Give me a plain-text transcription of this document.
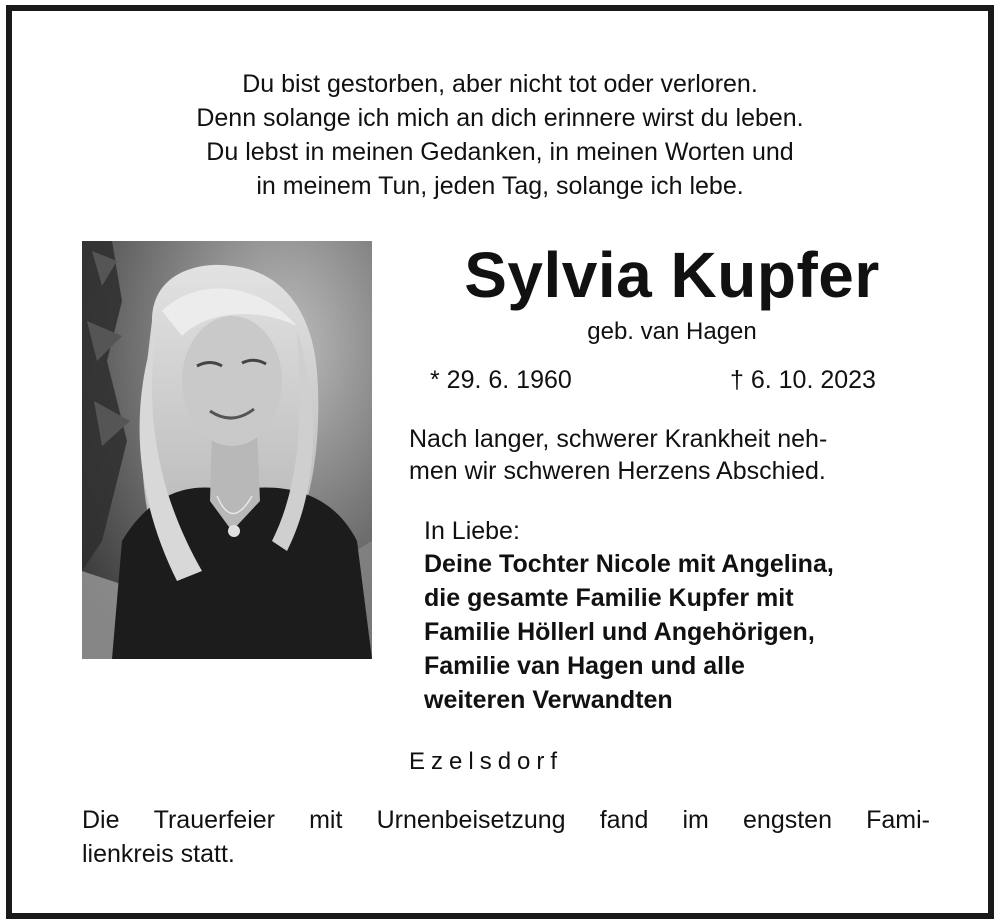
Du bist gestorben, aber nicht tot oder verloren.
Denn solange ich mich an dich erinnere wirst du leben.
Du lebst in meinen Gedanken, in meinen Worten und
in meinem Tun, jeden Tag, solange ich lebe.
Sylvia Kupfer
geb. van Hagen
* 29. 6. 1960	† 6. 10. 2023
Nach langer, schwerer Krankheit neh-
men wir schweren Herzens Abschied.
In Liebe:
Deine Tochter Nicole mit Angelina,
die gesamte Familie Kupfer mit
Familie Höllerl und Angehörigen,
Familie van Hagen und alle
weiteren Verwandten
Ezelsdorf
Die Trauerfeier mit Urnenbeisetzung fand im engsten Fami-
lienkreis statt.
